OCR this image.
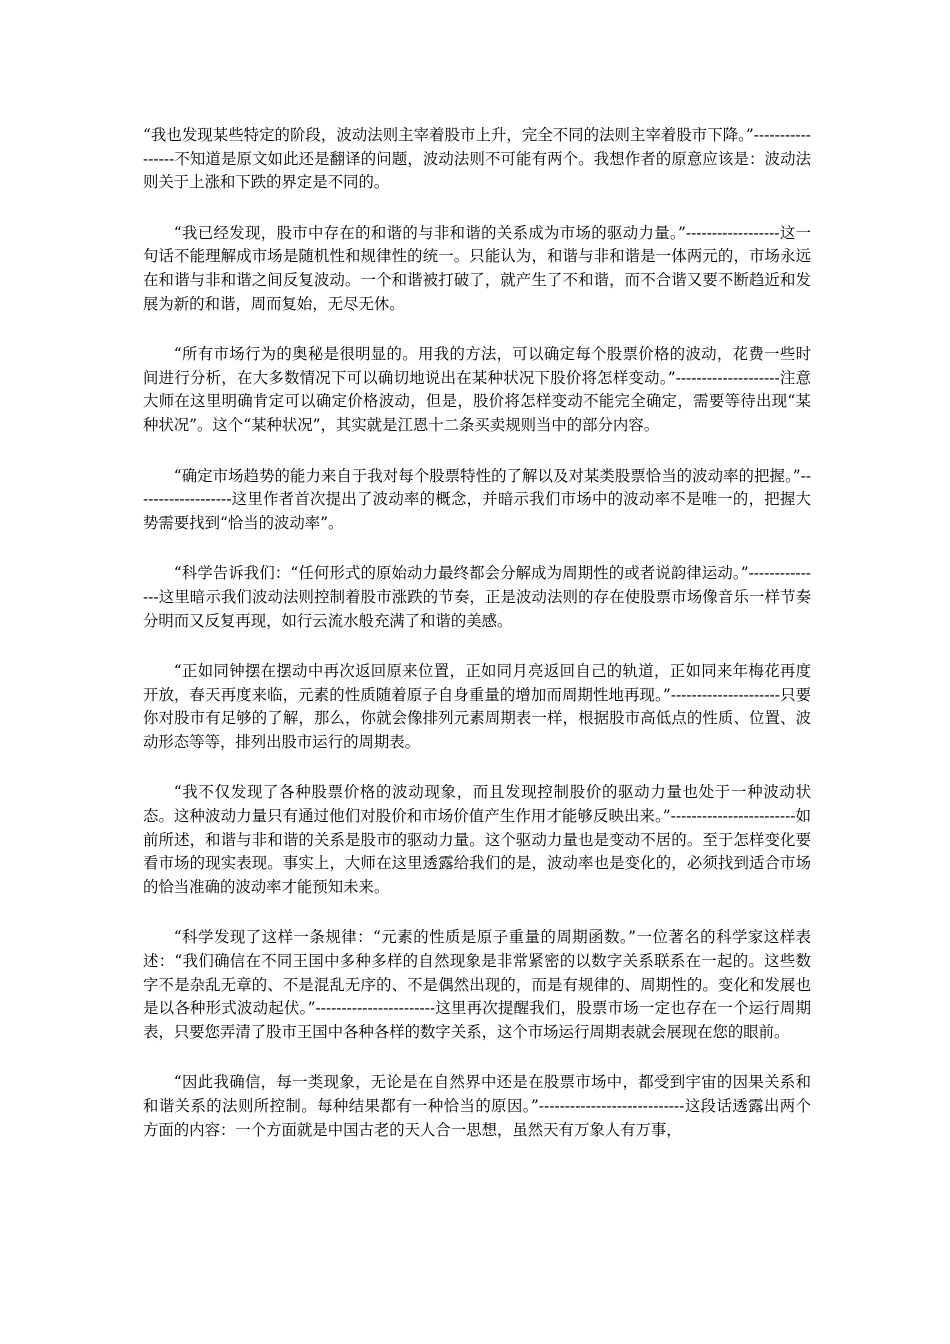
“我也发现某些特定的阶段，波动法则主宰着股市上升，完全不同的法则主宰着股市下降。”-----------------不知道是原文如此还是翻译的问题，波动法则不可能有两个。我想作者的原意应该是：波动法则关于上涨和下跌的界定是不同的。

“我已经发现，股市中存在的和谐的与非和谐的关系成为市场的驱动力量。”------------------这一句话不能理解成市场是随机性和规律性的统一。只能认为，和谐与非和谐是一体两元的，市场永远在和谐与非和谐之间反复波动。一个和谐被打破了，就产生了不和谐，而不合谐又要不断趋近和发展为新的和谐，周而复始，无尽无休。

“所有市场行为的奥秘是很明显的。用我的方法，可以确定每个股票价格的波动，花费一些时间进行分析，在大多数情况下可以确切地说出在某种状况下股价将怎样变动。”--------------------注意大师在这里明确肯定可以确定价格波动，但是，股价将怎样变动不能完全确定，需要等待出现“某种状况”。这个“某种状况”，其实就是江恩十二条买卖规则当中的部分内容。

“确定市场趋势的能力来自于我对每个股票特性的了解以及对某类股票恰当的波动率的把握。”-------------------这里作者首次提出了波动率的概念，并暗示我们市场中的波动率不是唯一的，把握大势需要找到“恰当的波动率”。

“科学告诉我们：“任何形式的原始动力最终都会分解成为周期性的或者说韵律运动。”---------------这里暗示我们波动法则控制着股市涨跌的节奏，正是波动法则的存在使股票市场像音乐一样节奏分明而又反复再现，如行云流水般充满了和谐的美感。

“正如同钟摆在摆动中再次返回原来位置，正如同月亮返回自己的轨道，正如同来年梅花再度开放，春天再度来临，元素的性质随着原子自身重量的增加而周期性地再现。”---------------------只要你对股市有足够的了解，那么，你就会像排列元素周期表一样，根据股市高低点的性质、位置、波动形态等等，排列出股市运行的周期表。

“我不仅发现了各种股票价格的波动现象，而且发现控制股价的驱动力量也处于一种波动状态。这种波动力量只有通过他们对股价和市场价值产生作用才能够反映出来。”------------------------如前所述，和谐与非和谐的关系是股市的驱动力量。这个驱动力量也是变动不居的。至于怎样变化要看市场的现实表现。事实上，大师在这里透露给我们的是，波动率也是变化的，必须找到适合市场的恰当准确的波动率才能预知未来。

“科学发现了这样一条规律：“元素的性质是原子重量的周期函数。”一位著名的科学家这样表述：“我们确信在不同王国中多种多样的自然现象是非常紧密的以数字关系联系在一起的。这些数字不是杂乱无章的、不是混乱无序的、不是偶然出现的，而是有规律的、周期性的。变化和发展也是以各种形式波动起伏。”-----------------------这里再次提醒我们，股票市场一定也存在一个运行周期表，只要您弄清了股市王国中各种各样的数字关系，这个市场运行周期表就会展现在您的眼前。

“因此我确信，每一类现象，无论是在自然界中还是在股票市场中，都受到宇宙的因果关系和和谐关系的法则所控制。每种结果都有一种恰当的原因。”----------------------------这段话透露出两个方面的内容：一个方面就是中国古老的天人合一思想，虽然天有万象人有万事，
